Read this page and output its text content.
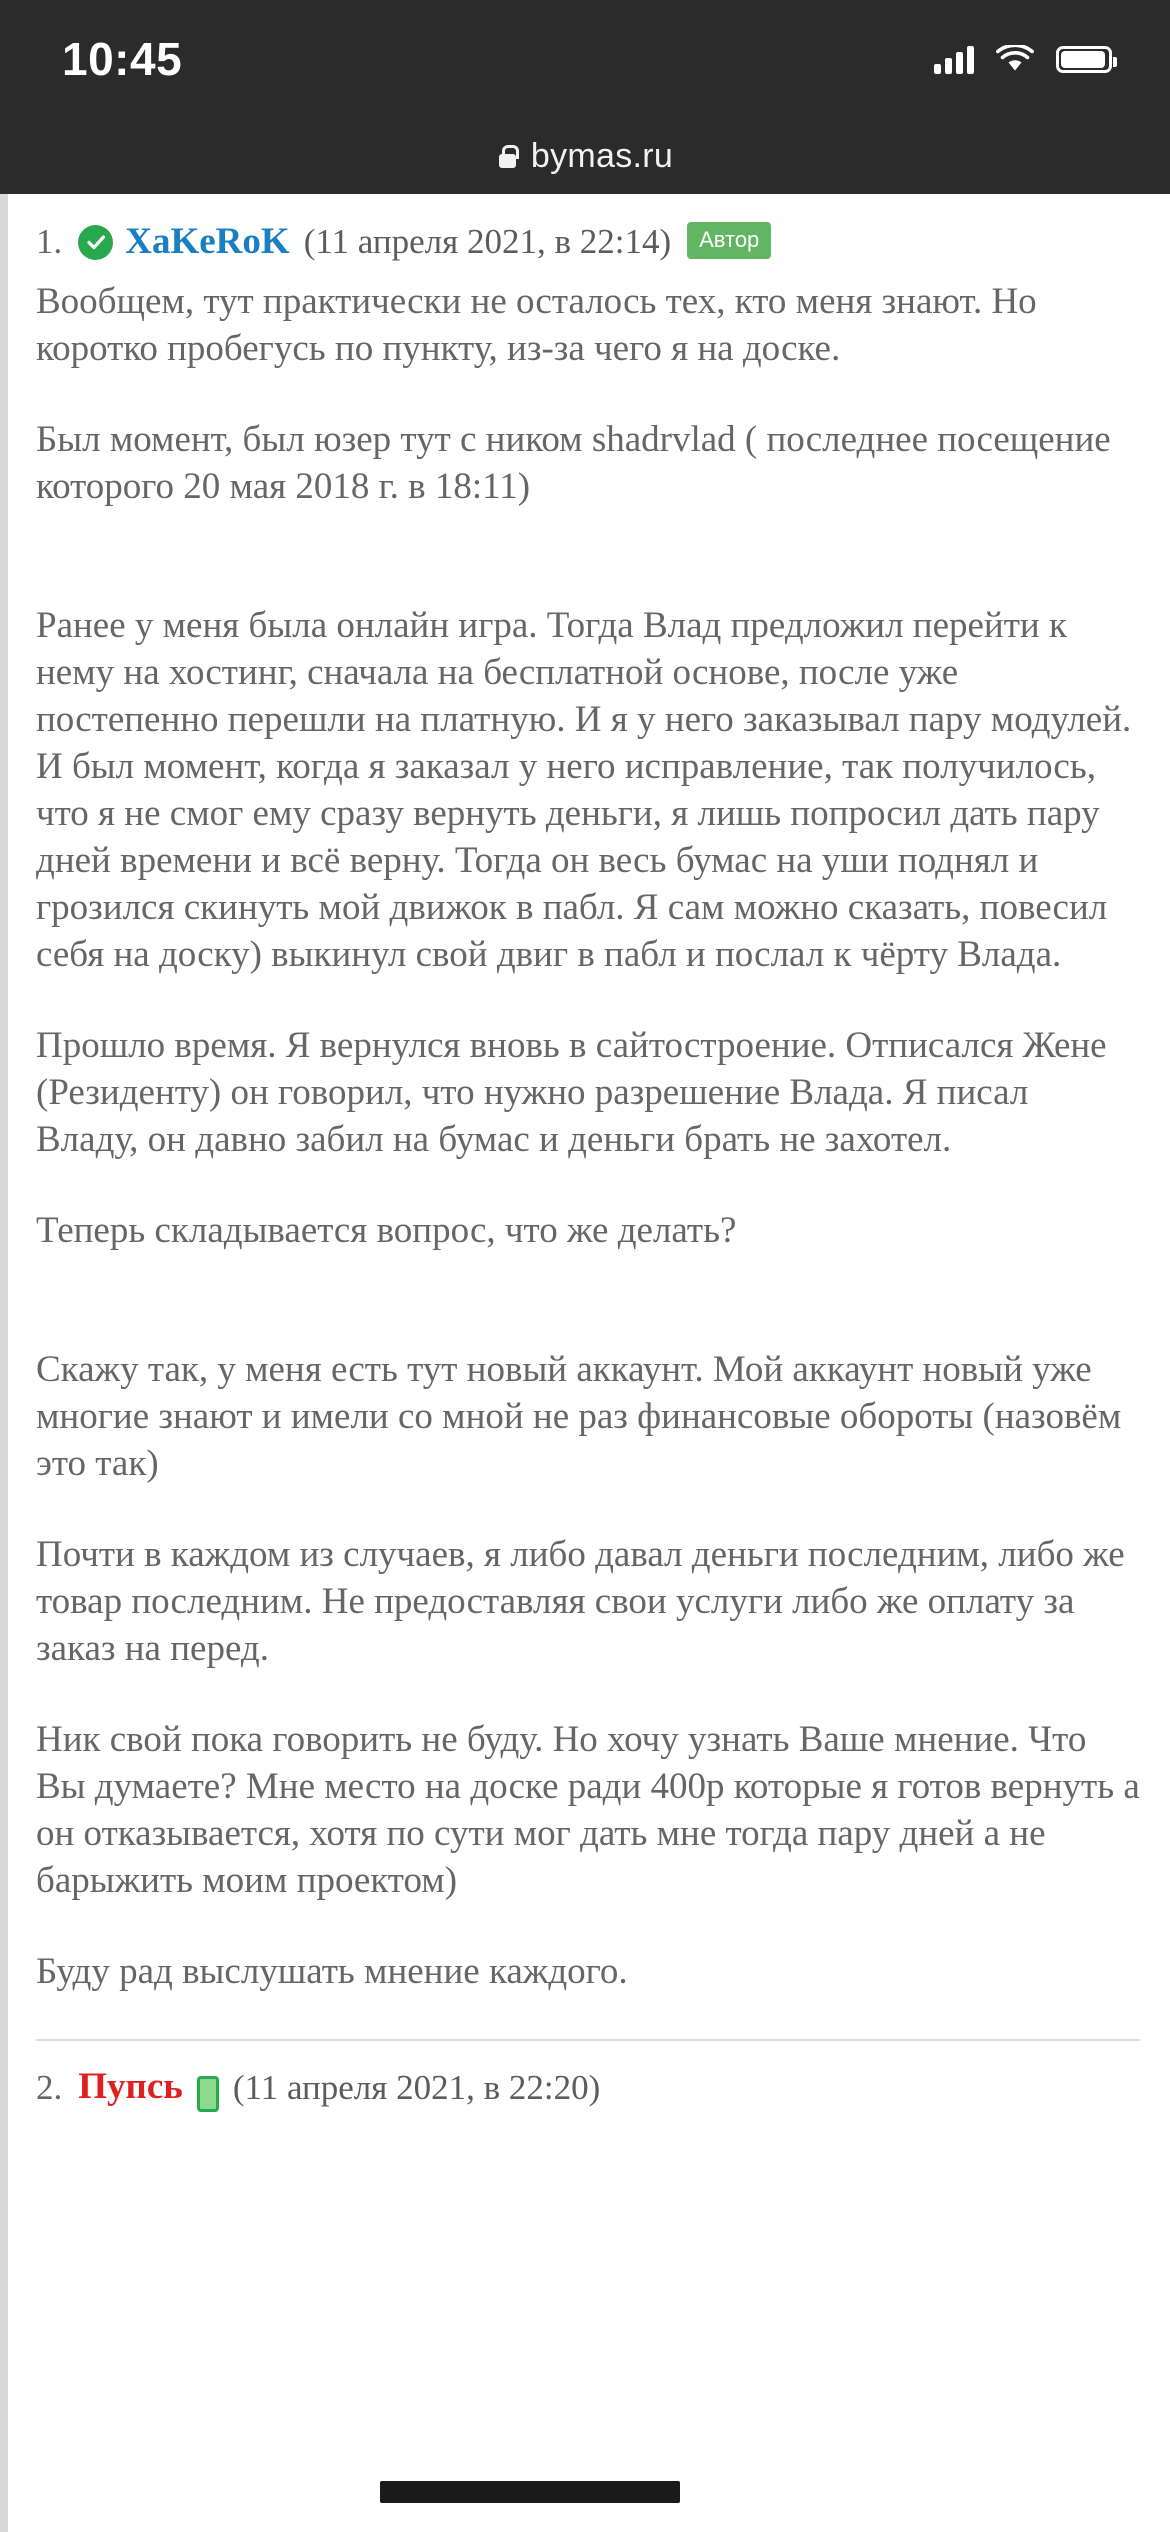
10:45
bymas.ru
1. XaKeRoK (11 апреля 2021, в 22:14)	Автор

Вообщем, тут практически не осталось тех, кто меня знают. Но коротко пробегусь по пункту, из-за чего я на доске.

Был момент, был юзер тут с ником shadrvlad ( последнее посещение которого 20 мая 2018 г. в 18:11)

Ранее у меня была онлайн игра. Тогда Влад предложил перейти к нему на хостинг, сначала на бесплатной основе, после уже постепенно перешли на платную. И я у него заказывал пару модулей. И был момент, когда я заказал у него исправление, так получилось, что я не смог ему сразу вернуть деньги, я лишь попросил дать пару дней времени и всё верну. Тогда он весь бумас на уши поднял и грозился скинуть мой движок в пабл. Я сам можно сказать, повесил себя на доску) выкинул свой двиг в пабл и послал к чёрту Влада.

Прошло время. Я вернулся вновь в сайтостроение. Отписался Жене (Резиденту) он говорил, что нужно разрешение Влада. Я писал Владу, он давно забил на бумас и деньги брать не захотел.

Теперь складывается вопрос, что же делать?

Скажу так, у меня есть тут новый аккаунт. Мой аккаунт новый уже многие знают и имели со мной не раз финансовые обороты (назовём это так)

Почти в каждом из случаев, я либо давал деньги последним, либо же товар последним. Не предоставляя свои услуги либо же оплату за заказ на перед.

Ник свой пока говорить не буду. Но хочу узнать Ваше мнение. Что Вы думаете? Мне место на доске ради 400р которые я готов вернуть а он отказывается, хотя по сути мог дать мне тогда пару дней а не барыжить моим проектом)

Буду рад выслушать мнение каждого.

2. Пупсь (11 апреля 2021, в 22:20)
